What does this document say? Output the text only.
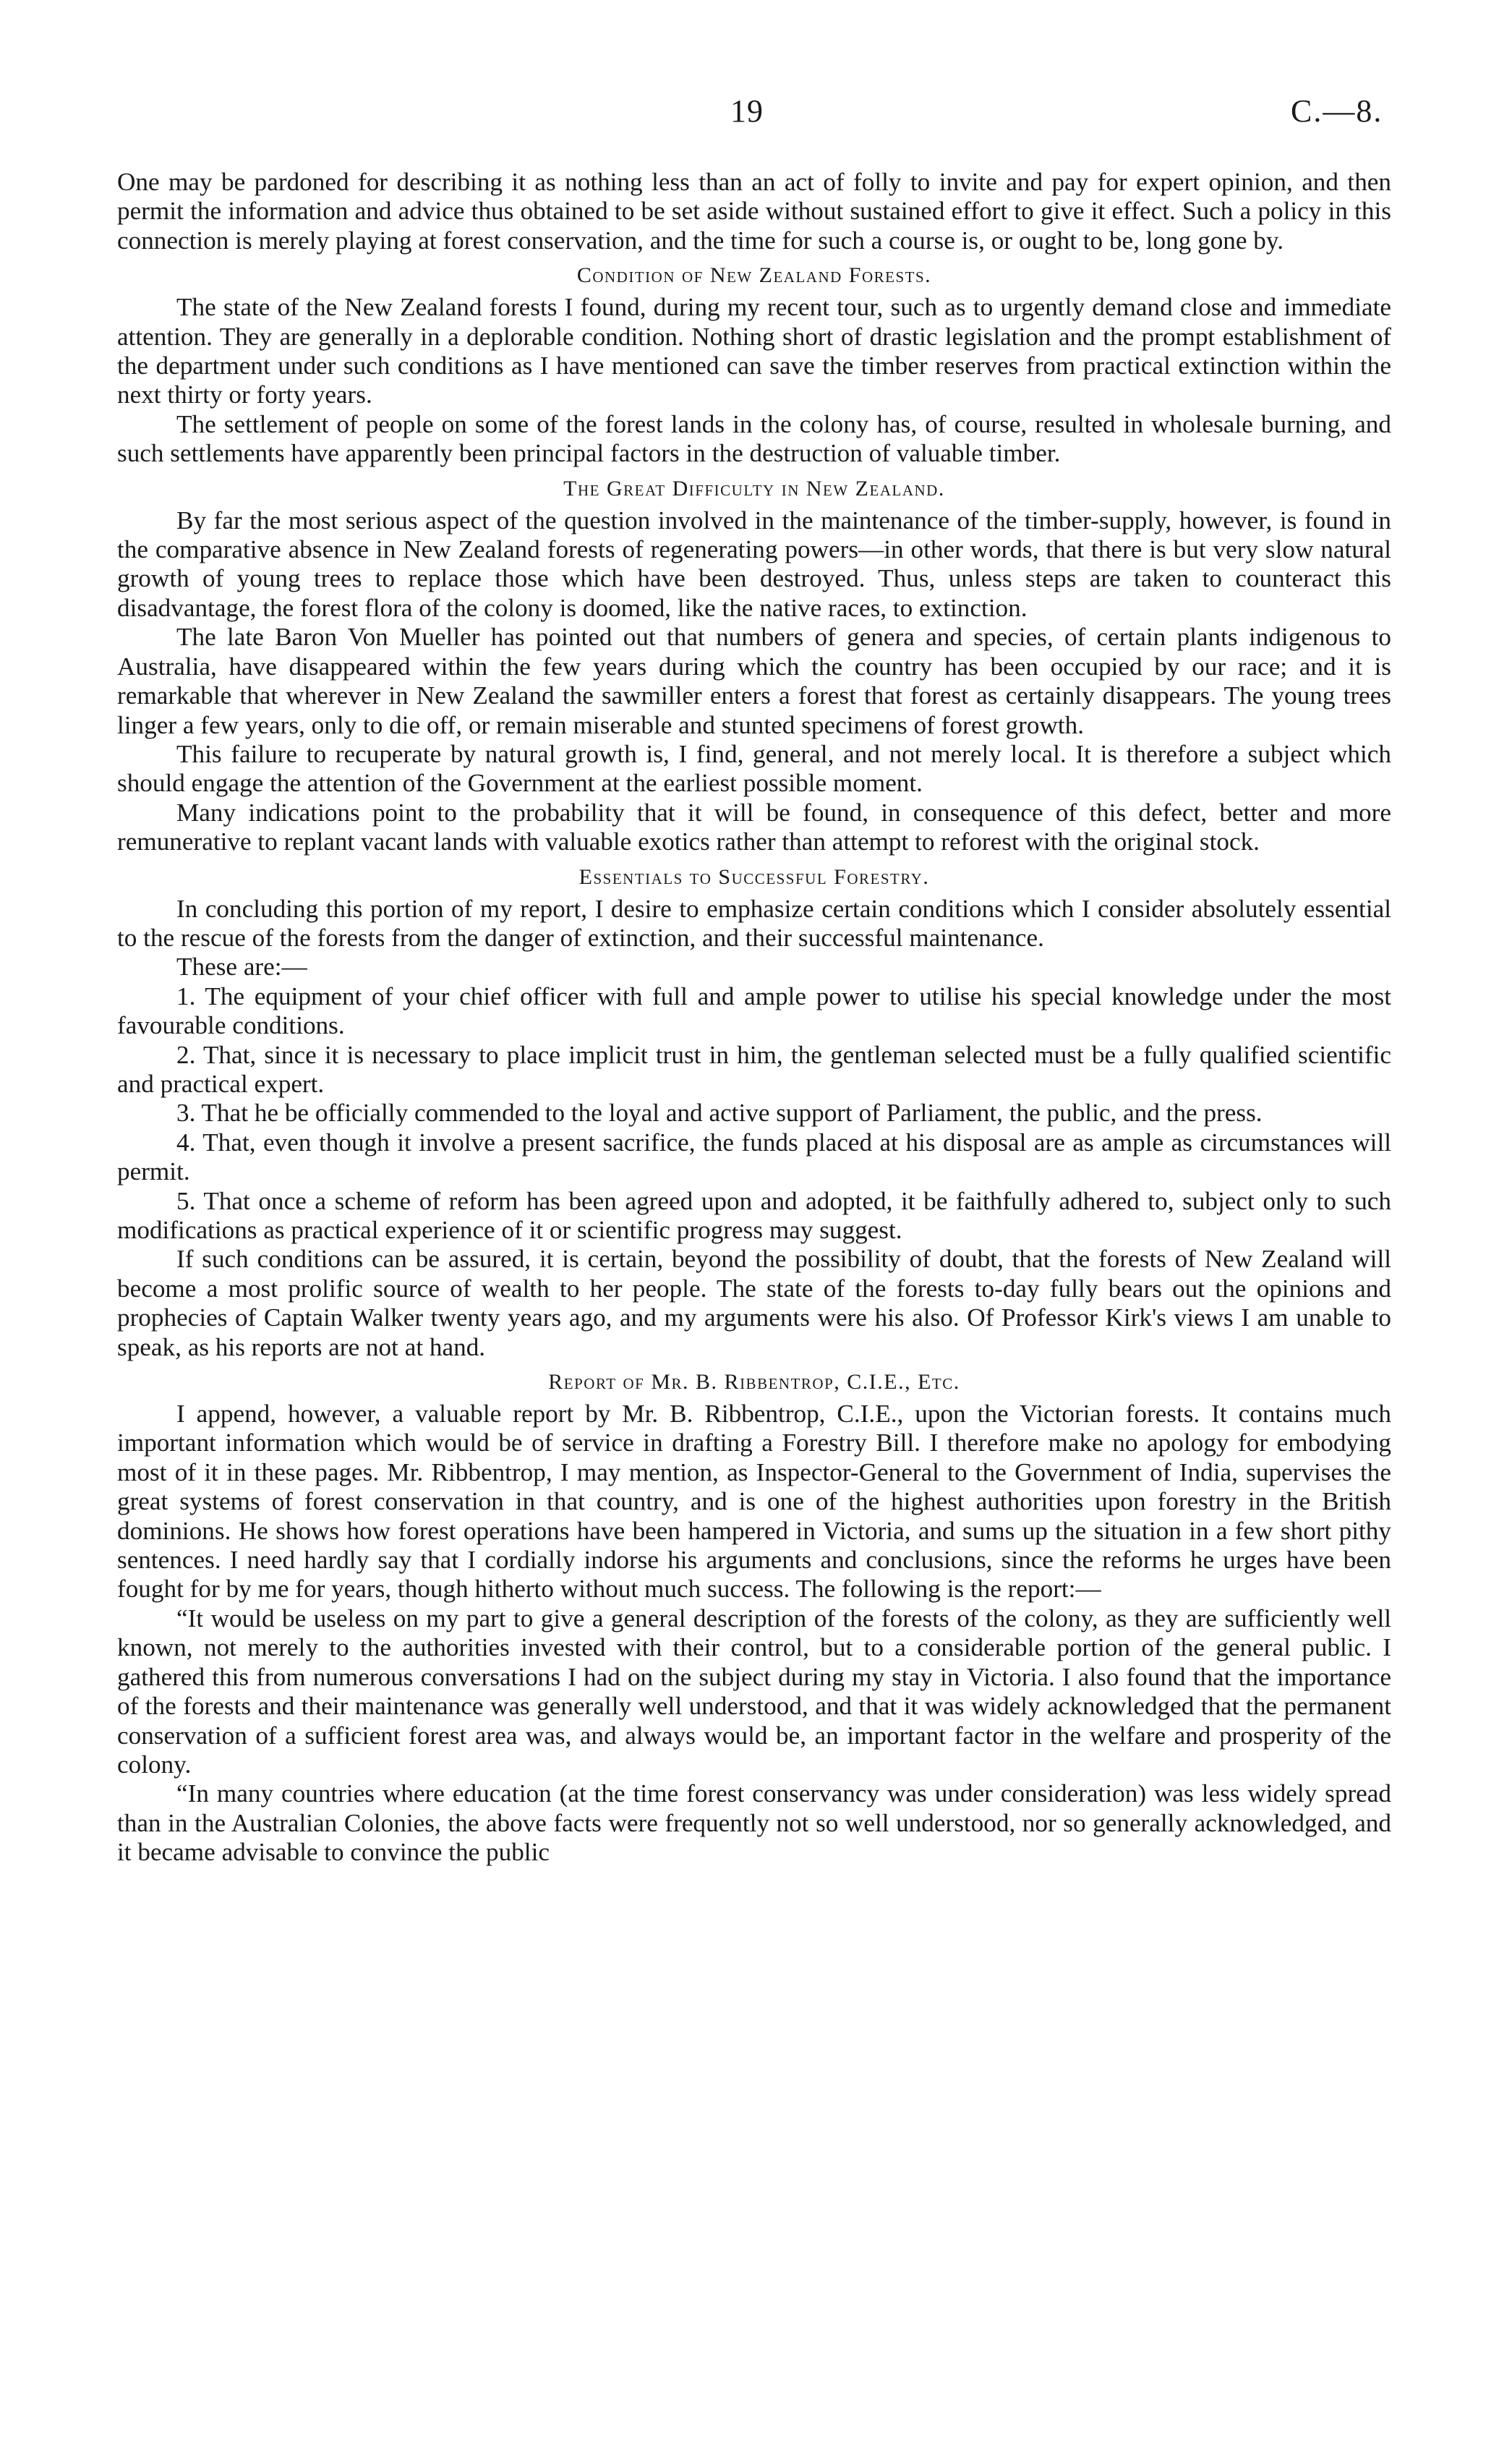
19	C.—8.

One may be pardoned for describing it as nothing less than an act of folly to invite and pay for expert opinion, and then permit the information and advice thus obtained to be set aside without sustained effort to give it effect. Such a policy in this connection is merely playing at forest conservation, and the time for such a course is, or ought to be, long gone by.

Condition of New Zealand Forests.

The state of the New Zealand forests I found, during my recent tour, such as to urgently demand close and immediate attention. They are generally in a deplorable condition. Nothing short of drastic legislation and the prompt establishment of the department under such conditions as I have mentioned can save the timber reserves from practical extinction within the next thirty or forty years.

The settlement of people on some of the forest lands in the colony has, of course, resulted in wholesale burning, and such settlements have apparently been principal factors in the destruction of valuable timber.

The Great Difficulty in New Zealand.

By far the most serious aspect of the question involved in the maintenance of the timber-supply, however, is found in the comparative absence in New Zealand forests of regenerating powers—in other words, that there is but very slow natural growth of young trees to replace those which have been destroyed. Thus, unless steps are taken to counteract this disadvantage, the forest flora of the colony is doomed, like the native races, to extinction.

The late Baron Von Mueller has pointed out that numbers of genera and species, of certain plants indigenous to Australia, have disappeared within the few years during which the country has been occupied by our race; and it is remarkable that wherever in New Zealand the sawmiller enters a forest that forest as certainly disappears. The young trees linger a few years, only to die off, or remain miserable and stunted specimens of forest growth.

This failure to recuperate by natural growth is, I find, general, and not merely local. It is therefore a subject which should engage the attention of the Government at the earliest possible moment.

Many indications point to the probability that it will be found, in consequence of this defect, better and more remunerative to replant vacant lands with valuable exotics rather than attempt to reforest with the original stock.

Essentials to Successful Forestry.

In concluding this portion of my report, I desire to emphasize certain conditions which I consider absolutely essential to the rescue of the forests from the danger of extinction, and their successful maintenance.

These are:—

1. The equipment of your chief officer with full and ample power to utilise his special knowledge under the most favourable conditions.

2. That, since it is necessary to place implicit trust in him, the gentleman selected must be a fully qualified scientific and practical expert.

3. That he be officially commended to the loyal and active support of Parliament, the public, and the press.

4. That, even though it involve a present sacrifice, the funds placed at his disposal are as ample as circumstances will permit.

5. That once a scheme of reform has been agreed upon and adopted, it be faithfully adhered to, subject only to such modifications as practical experience of it or scientific progress may suggest.

If such conditions can be assured, it is certain, beyond the possibility of doubt, that the forests of New Zealand will become a most prolific source of wealth to her people. The state of the forests to-day fully bears out the opinions and prophecies of Captain Walker twenty years ago, and my arguments were his also. Of Professor Kirk's views I am unable to speak, as his reports are not at hand.

Report of Mr. B. Ribbentrop, C.I.E., Etc.

I append, however, a valuable report by Mr. B. Ribbentrop, C.I.E., upon the Victorian forests. It contains much important information which would be of service in drafting a Forestry Bill. I therefore make no apology for embodying most of it in these pages. Mr. Ribbentrop, I may mention, as Inspector-General to the Government of India, supervises the great systems of forest conservation in that country, and is one of the highest authorities upon forestry in the British dominions. He shows how forest operations have been hampered in Victoria, and sums up the situation in a few short pithy sentences. I need hardly say that I cordially indorse his arguments and conclusions, since the reforms he urges have been fought for by me for years, though hitherto without much success. The following is the report:—

“It would be useless on my part to give a general description of the forests of the colony, as they are sufficiently well known, not merely to the authorities invested with their control, but to a considerable portion of the general public. I gathered this from numerous conversations I had on the subject during my stay in Victoria. I also found that the importance of the forests and their maintenance was generally well understood, and that it was widely acknowledged that the permanent conservation of a sufficient forest area was, and always would be, an important factor in the welfare and prosperity of the colony.

“In many countries where education (at the time forest conservancy was under consideration) was less widely spread than in the Australian Colonies, the above facts were frequently not so well understood, nor so generally acknowledged, and it became advisable to convince the public
